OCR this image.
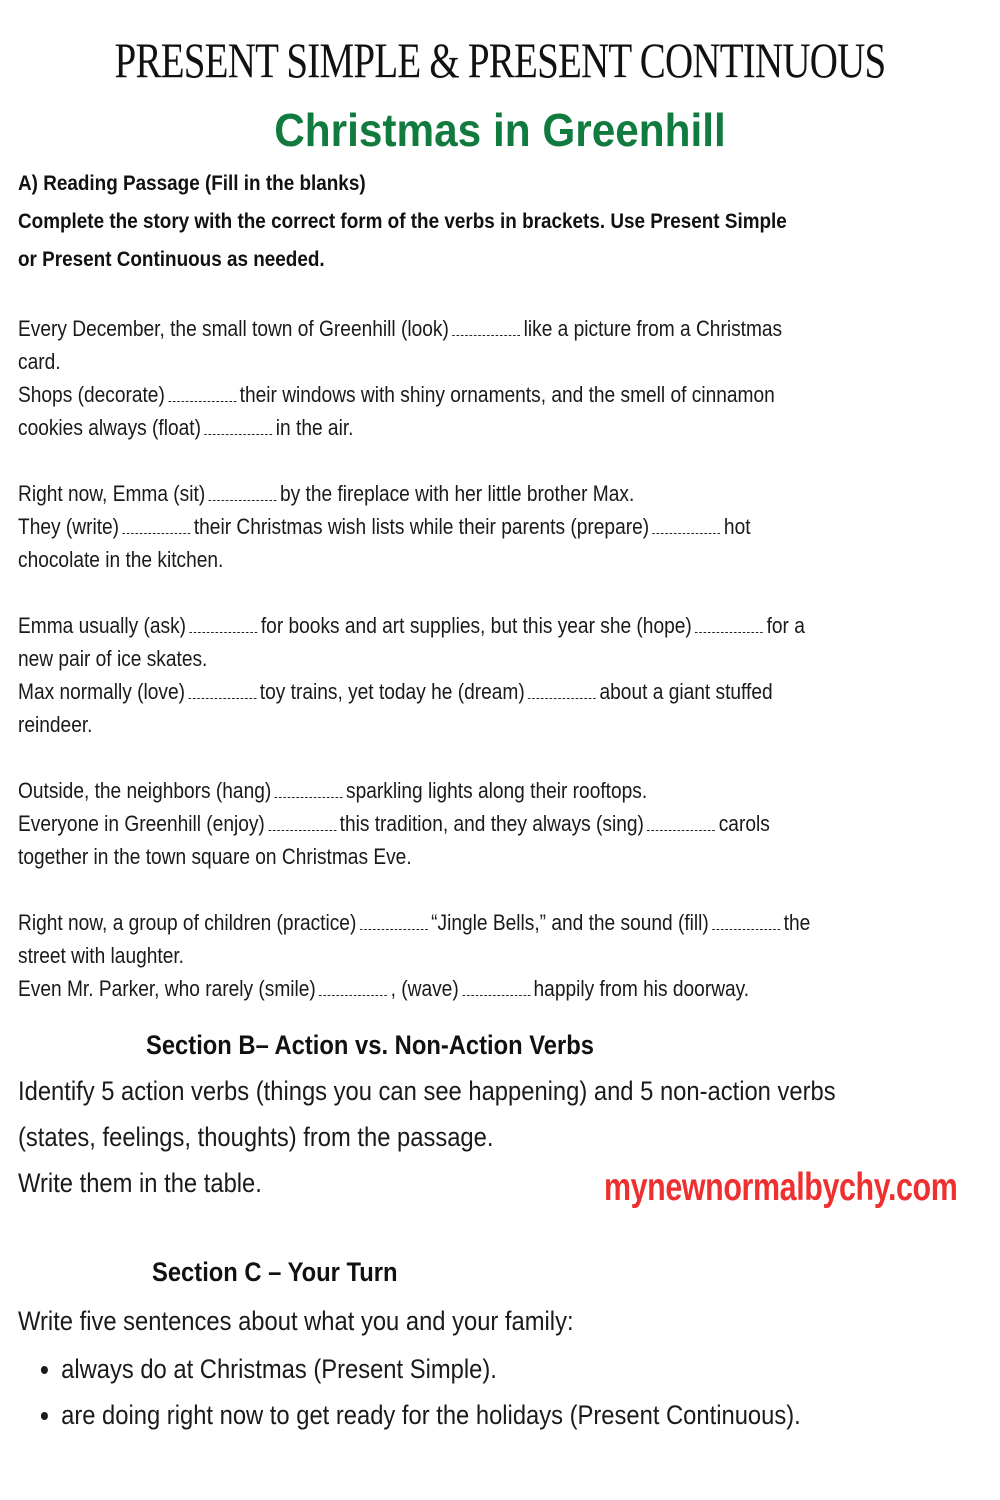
PRESENT SIMPLE & PRESENT CONTINUOUS
Christmas in Greenhill
A) Reading Passage (Fill in the blanks)
Complete the story with the correct form of the verbs in brackets. Use Present Simple
or Present Continuous as needed.
Every December, the small town of Greenhill (look)	like a picture from a Christmas
card.
Shops (decorate)	their windows with shiny ornaments, and the smell of cinnamon
cookies always (float)	in the air.
Right now, Emma (sit)	by the fireplace with her little brother Max.
They (write)	their Christmas wish lists while their parents (prepare)	hot
chocolate in the kitchen.
Emma usually (ask)	for books and art supplies, but this year she (hope)	for a
new pair of ice skates.
Max normally (love)	toy trains, yet today he (dream)	about a giant stuffed
reindeer.
Outside, the neighbors (hang)	sparkling lights along their rooftops.
Everyone in Greenhill (enjoy)	this tradition, and they always (sing)	carols
together in the town square on Christmas Eve.
Right now, a group of children (practice)	“Jingle Bells,” and the sound (fill)	the
street with laughter.
Even Mr. Parker, who rarely (smile)	, (wave)	happily from his doorway.
Section B– Action vs. Non-Action Verbs
Identify 5 action verbs (things you can see happening) and 5 non-action verbs
(states, feelings, thoughts) from the passage.
Write them in the table.	mynewnormalbychy.com
Section C – Your Turn
Write five sentences about what you and your family:
• always do at Christmas (Present Simple).
• are doing right now to get ready for the holidays (Present Continuous).
